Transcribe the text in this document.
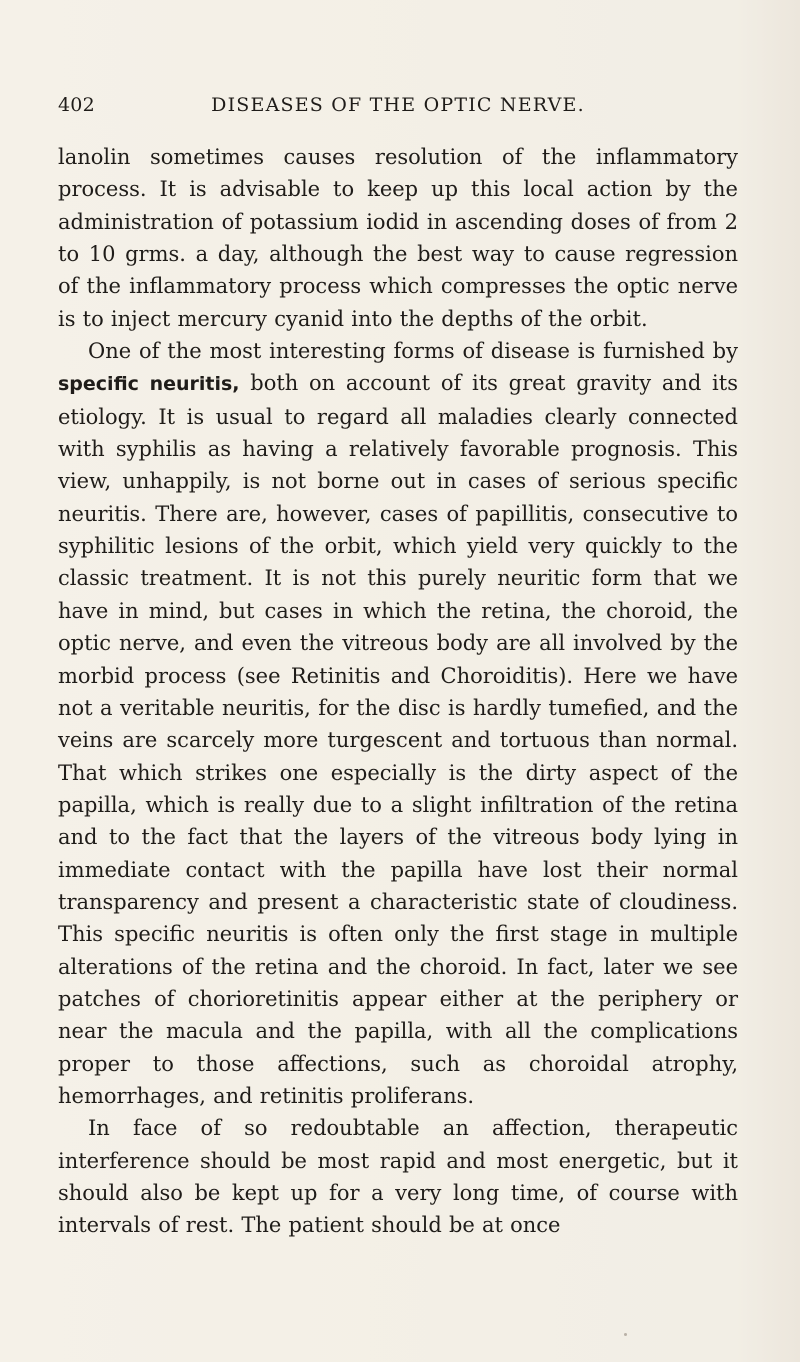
402	DISEASES OF THE OPTIC NERVE.

lanolin sometimes causes resolution of the inflammatory process. It is advisable to keep up this local action by the administration of potassium iodid in ascending doses of from 2 to 10 grms. a day, although the best way to cause regression of the inflammatory process which compresses the optic nerve is to inject mercury cyanid into the depths of the orbit.

One of the most interesting forms of disease is furnished by specific neuritis, both on account of its great gravity and its etiology. It is usual to regard all maladies clearly connected with syphilis as having a relatively favorable prognosis. This view, unhappily, is not borne out in cases of serious specific neuritis. There are, however, cases of papillitis, consecutive to syphilitic lesions of the orbit, which yield very quickly to the classic treatment. It is not this purely neuritic form that we have in mind, but cases in which the retina, the choroid, the optic nerve, and even the vitreous body are all involved by the morbid process (see Retinitis and Choroiditis). Here we have not a veritable neuritis, for the disc is hardly tumefied, and the veins are scarcely more turgescent and tortuous than normal. That which strikes one especially is the dirty aspect of the papilla, which is really due to a slight infiltration of the retina and to the fact that the layers of the vitreous body lying in immediate contact with the papilla have lost their normal transparency and present a characteristic state of cloudiness. This specific neuritis is often only the first stage in multiple alterations of the retina and the choroid. In fact, later we see patches of chorioretinitis appear either at the periphery or near the macula and the papilla, with all the complications proper to those affections, such as choroidal atrophy, hemorrhages, and retinitis proliferans.

In face of so redoubtable an affection, therapeutic interference should be most rapid and most energetic, but it should also be kept up for a very long time, of course with intervals of rest. The patient should be at once
